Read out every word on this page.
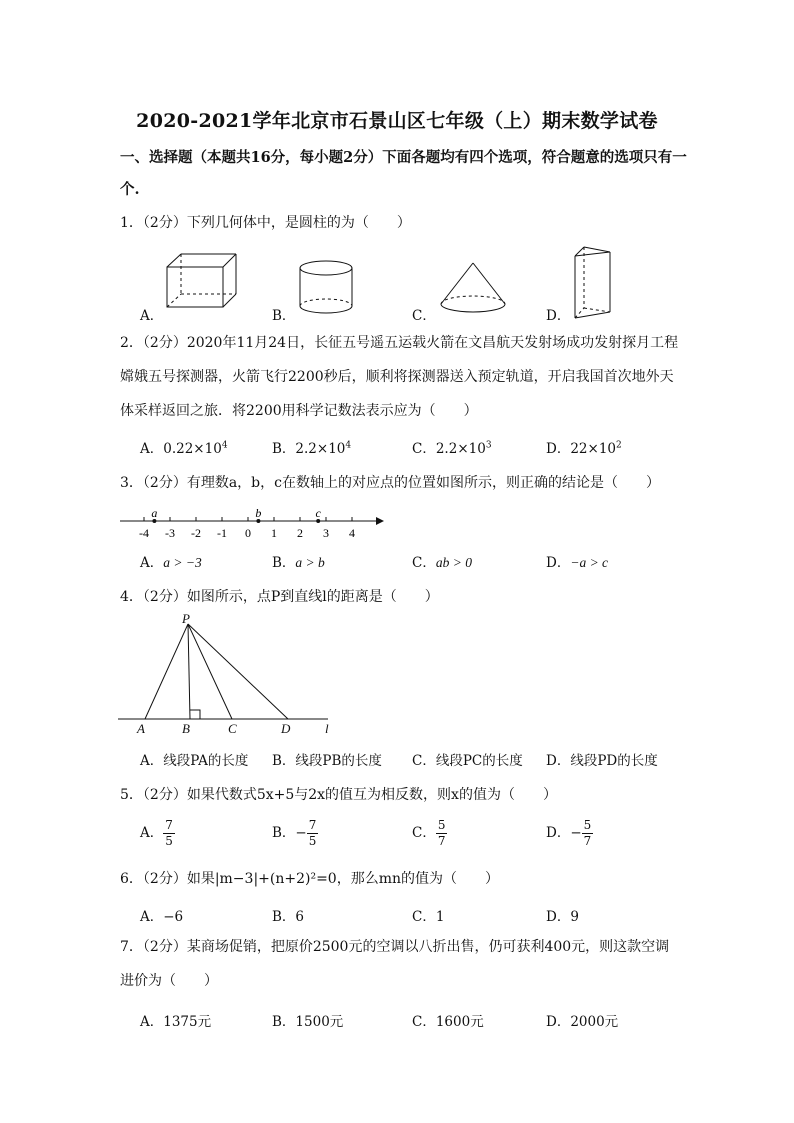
2020-2021学年北京市石景山区七年级（上）期末数学试卷
一、选择题（本题共16分，每小题2分）下面各题均有四个选项，符合题意的选项只有一
个.
1．（2分）下列几何体中，是圆柱的为（　　）
A．	B．	C．	D．
2．（2分）2020年11月24日，长征五号遥五运载火箭在文昌航天发射场成功发射探月工程
嫦娥五号探测器，火箭飞行2200秒后，顺利将探测器送入预定轨道，开启我国首次地外天
体采样返回之旅．将2200用科学记数法表示应为（　　）
A．$0.22\times 10^4$	B．$2.2\times 10^4$	C．$2.2\times 10^3$	D．$22\times 10^2$
3．（2分）有理数a，b，c在数轴上的对应点的位置如图所示，则正确的结论是（　　）
-4 -3 -2 -1 0 1 2 3 4
a	b	c
A．a > −3	B．a > b	C．ab > 0	D．−a > c
4．（2分）如图所示，点P到直线l的距离是（　　）
P
A	B	C	D	l
A．线段PA的长度 B．线段PB的长度 C．线段PC的长度 D．线段PD的长度
5．（2分）如果代数式5x+5与2x的值互为相反数，则x的值为（　　）
A． $\frac{7}{5}$	B．− $\frac{7}{5}$	C． $\frac{5}{7}$	D．− $\frac{5}{7}$
6．（2分）如果|m−3|+(n+2)²=0，那么mn的值为（　　）
A．−6	B．6	C．1	D．9
7．（2分）某商场促销，把原价2500元的空调以八折出售，仍可获利400元，则这款空调
进价为（　　）
A．1375元	B．1500元	C．1600元	D．2000元
